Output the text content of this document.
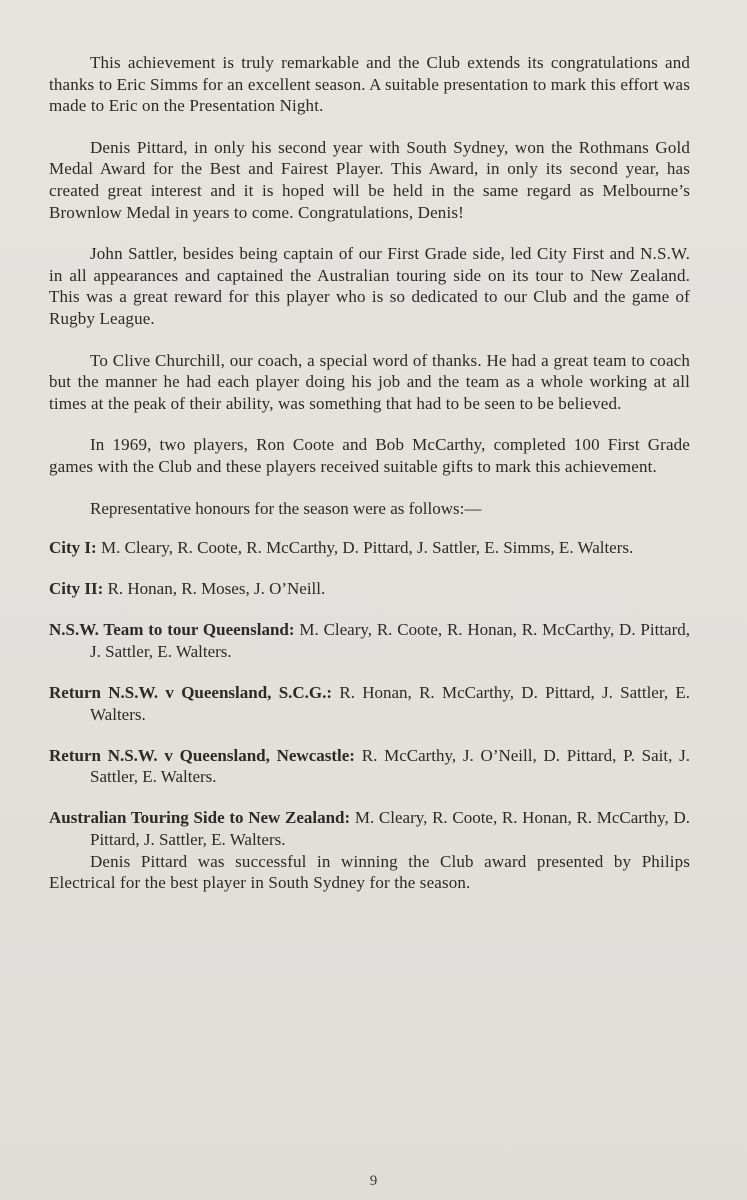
This achievement is truly remarkable and the Club extends its congratulations and thanks to Eric Simms for an excellent season. A suitable presentation to mark this effort was made to Eric on the Presentation Night.

Denis Pittard, in only his second year with South Sydney, won the Rothmans Gold Medal Award for the Best and Fairest Player. This Award, in only its second year, has created great interest and it is hoped will be held in the same regard as Melbourne’s Brownlow Medal in years to come. Congratulations, Denis!

John Sattler, besides being captain of our First Grade side, led City First and N.S.W. in all appearances and captained the Australian touring side on its tour to New Zealand. This was a great reward for this player who is so dedicated to our Club and the game of Rugby League.

To Clive Churchill, our coach, a special word of thanks. He had a great team to coach but the manner he had each player doing his job and the team as a whole working at all times at the peak of their ability, was something that had to be seen to be believed.

In 1969, two players, Ron Coote and Bob McCarthy, completed 100 First Grade games with the Club and these players received suitable gifts to mark this achievement.

Representative honours for the season were as follows:—

City I: M. Cleary, R. Coote, R. McCarthy, D. Pittard, J. Sattler, E. Simms, E. Walters.

City II: R. Honan, R. Moses, J. O’Neill.

N.S.W. Team to tour Queensland: M. Cleary, R. Coote, R. Honan, R. McCarthy, D. Pittard, J. Sattler, E. Walters.

Return N.S.W. v Queensland, S.C.G.: R. Honan, R. McCarthy, D. Pittard, J. Sattler, E. Walters.

Return N.S.W. v Queensland, Newcastle: R. McCarthy, J. O’Neill, D. Pittard, P. Sait, J. Sattler, E. Walters.

Australian Touring Side to New Zealand: M. Cleary, R. Coote, R. Honan, R. McCarthy, D. Pittard, J. Sattler, E. Walters.

Denis Pittard was successful in winning the Club award presented by Philips Electrical for the best player in South Sydney for the season.

9
